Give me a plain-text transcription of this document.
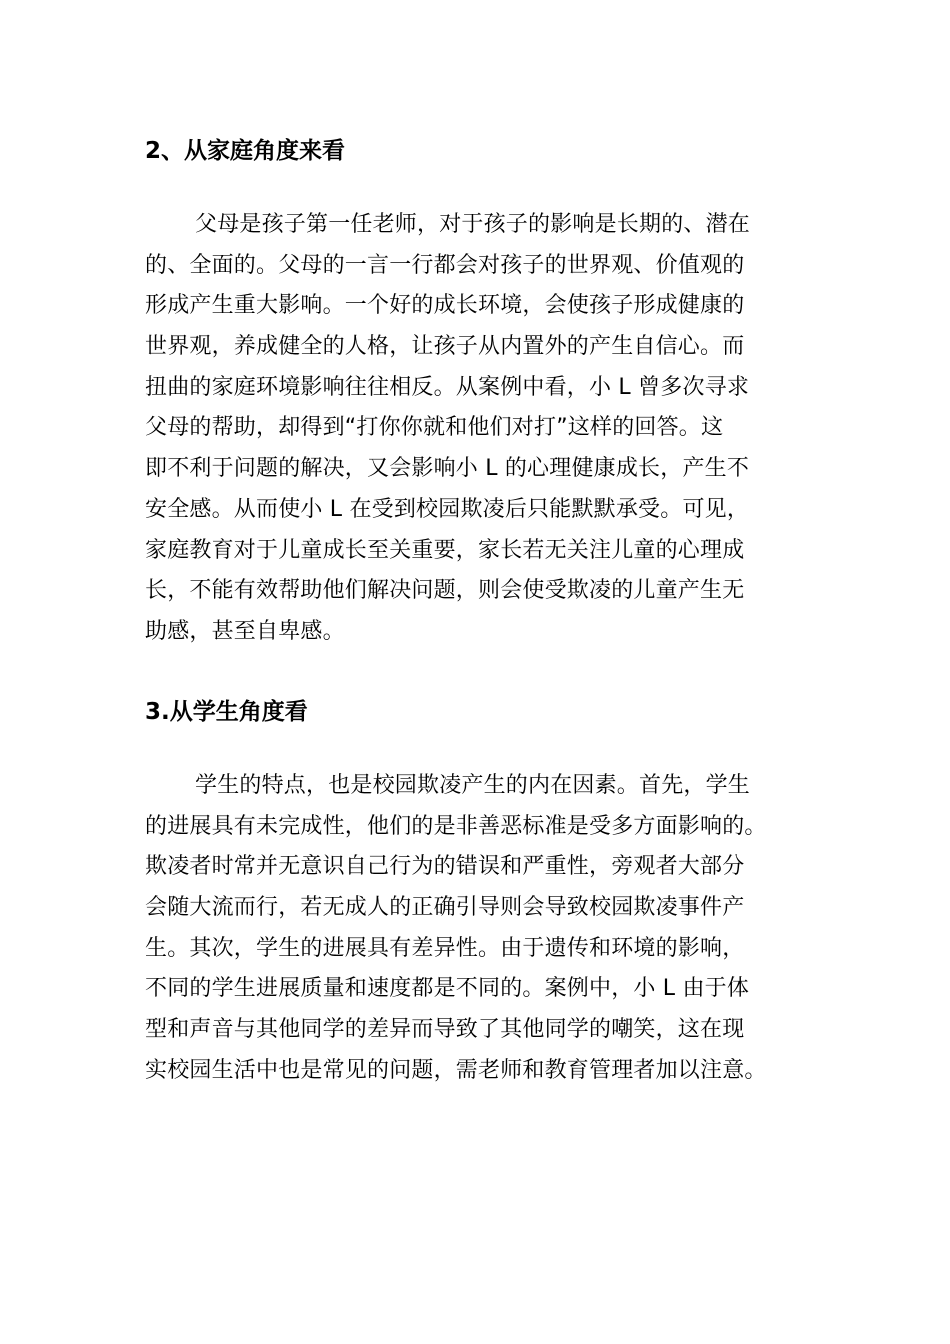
2、从家庭角度来看
父母是孩子第一任老师，对于孩子的影响是长期的、潜在
的、全面的。父母的一言一行都会对孩子的世界观、价值观的
形成产生重大影响。一个好的成长环境，会使孩子形成健康的
世界观，养成健全的人格，让孩子从内置外的产生自信心。而
扭曲的家庭环境影响往往相反。从案例中看，小 L 曾多次寻求
父母的帮助，却得到“打你你就和他们对打”这样的回答。这
即不利于问题的解决，又会影响小 L 的心理健康成长，产生不
安全感。从而使小 L 在受到校园欺凌后只能默默承受。可见，
家庭教育对于儿童成长至关重要，家长若无关注儿童的心理成
长，不能有效帮助他们解决问题，则会使受欺凌的儿童产生无
助感，甚至自卑感。
3.从学生角度看
学生的特点，也是校园欺凌产生的内在因素。首先，学生
的进展具有未完成性，他们的是非善恶标准是受多方面影响的。
欺凌者时常并无意识自己行为的错误和严重性，旁观者大部分
会随大流而行，若无成人的正确引导则会导致校园欺凌事件产
生。其次，学生的进展具有差异性。由于遗传和环境的影响，
不同的学生进展质量和速度都是不同的。案例中，小 L 由于体
型和声音与其他同学的差异而导致了其他同学的嘲笑，这在现
实校园生活中也是常见的问题，需老师和教育管理者加以注意。
